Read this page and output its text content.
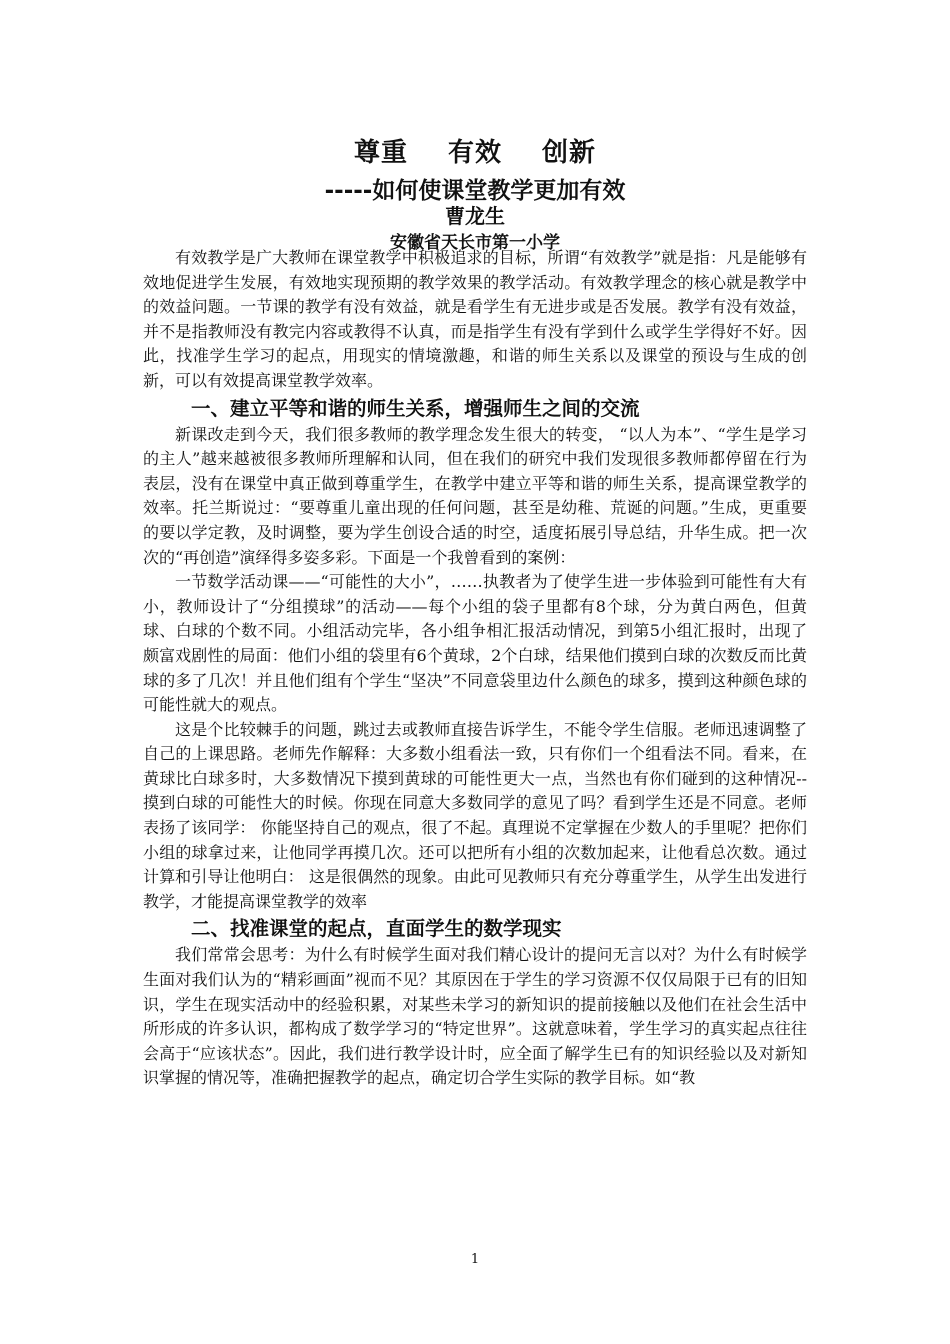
尊重 有效 创新
-----如何使课堂教学更加有效
曹龙生
安徽省天长市第一小学

有效教学是广大教师在课堂教学中积极追求的目标，所谓“有效教学”就是指：凡是能够有效地促进学生发展，有效地实现预期的教学效果的教学活动。有效教学理念的核心就是教学中的效益问题。一节课的教学有没有效益，就是看学生有无进步或是否发展。教学有没有效益，并不是指教师没有教完内容或教得不认真，而是指学生有没有学到什么或学生学得好不好。因此，找准学生学习的起点，用现实的情境激趣，和谐的师生关系以及课堂的预设与生成的创新，可以有效提高课堂教学效率。

一、建立平等和谐的师生关系，增强师生之间的交流

新课改走到今天，我们很多教师的教学理念发生很大的转变， “以人为本”、“学生是学习的主人”越来越被很多教师所理解和认同，但在我们的研究中我们发现很多教师都停留在行为表层，没有在课堂中真正做到尊重学生，在教学中建立平等和谐的师生关系，提高课堂教学的效率。托兰斯说过：“要尊重儿童出现的任何问题，甚至是幼稚、荒诞的问题。”生成，更重要的要以学定教，及时调整，要为学生创设合适的时空，适度拓展引导总结，升华生成。把一次次的“再创造”演绎得多姿多彩。下面是一个我曾看到的案例：

一节数学活动课——“可能性的大小”，……执教者为了使学生进一步体验到可能性有大有小，教师设计了“分组摸球”的活动——每个小组的袋子里都有8个球，分为黄白两色，但黄球、白球的个数不同。小组活动完毕，各小组争相汇报活动情况，到第5小组汇报时，出现了颇富戏剧性的局面：他们小组的袋里有6个黄球，2个白球，结果他们摸到白球的次数反而比黄球的多了几次！并且他们组有个学生“坚决”不同意袋里边什么颜色的球多，摸到这种颜色球的可能性就大的观点。

这是个比较棘手的问题，跳过去或教师直接告诉学生，不能令学生信服。老师迅速调整了自己的上课思路。老师先作解释：大多数小组看法一致，只有你们一个组看法不同。看来，在黄球比白球多时，大多数情况下摸到黄球的可能性更大一点，当然也有你们碰到的这种情况--摸到白球的可能性大的时候。你现在同意大多数同学的意见了吗？看到学生还是不同意。老师表扬了该同学： 你能坚持自己的观点，很了不起。真理说不定掌握在少数人的手里呢？把你们小组的球拿过来，让他同学再摸几次。还可以把所有小组的次数加起来，让他看总次数。通过计算和引导让他明白： 这是很偶然的现象。由此可见教师只有充分尊重学生，从学生出发进行教学，才能提高课堂教学的效率

二、找准课堂的起点，直面学生的数学现实

我们常常会思考：为什么有时候学生面对我们精心设计的提问无言以对？为什么有时候学生面对我们认为的“精彩画面”视而不见？其原因在于学生的学习资源不仅仅局限于已有的旧知识，学生在现实活动中的经验积累，对某些未学习的新知识的提前接触以及他们在社会生活中所形成的许多认识，都构成了数学学习的“特定世界”。这就意味着，学生学习的真实起点往往会高于“应该状态”。因此，我们进行教学设计时，应全面了解学生已有的知识经验以及对新知识掌握的情况等，准确把握教学的起点，确定切合学生实际的教学目标。如“教

1
